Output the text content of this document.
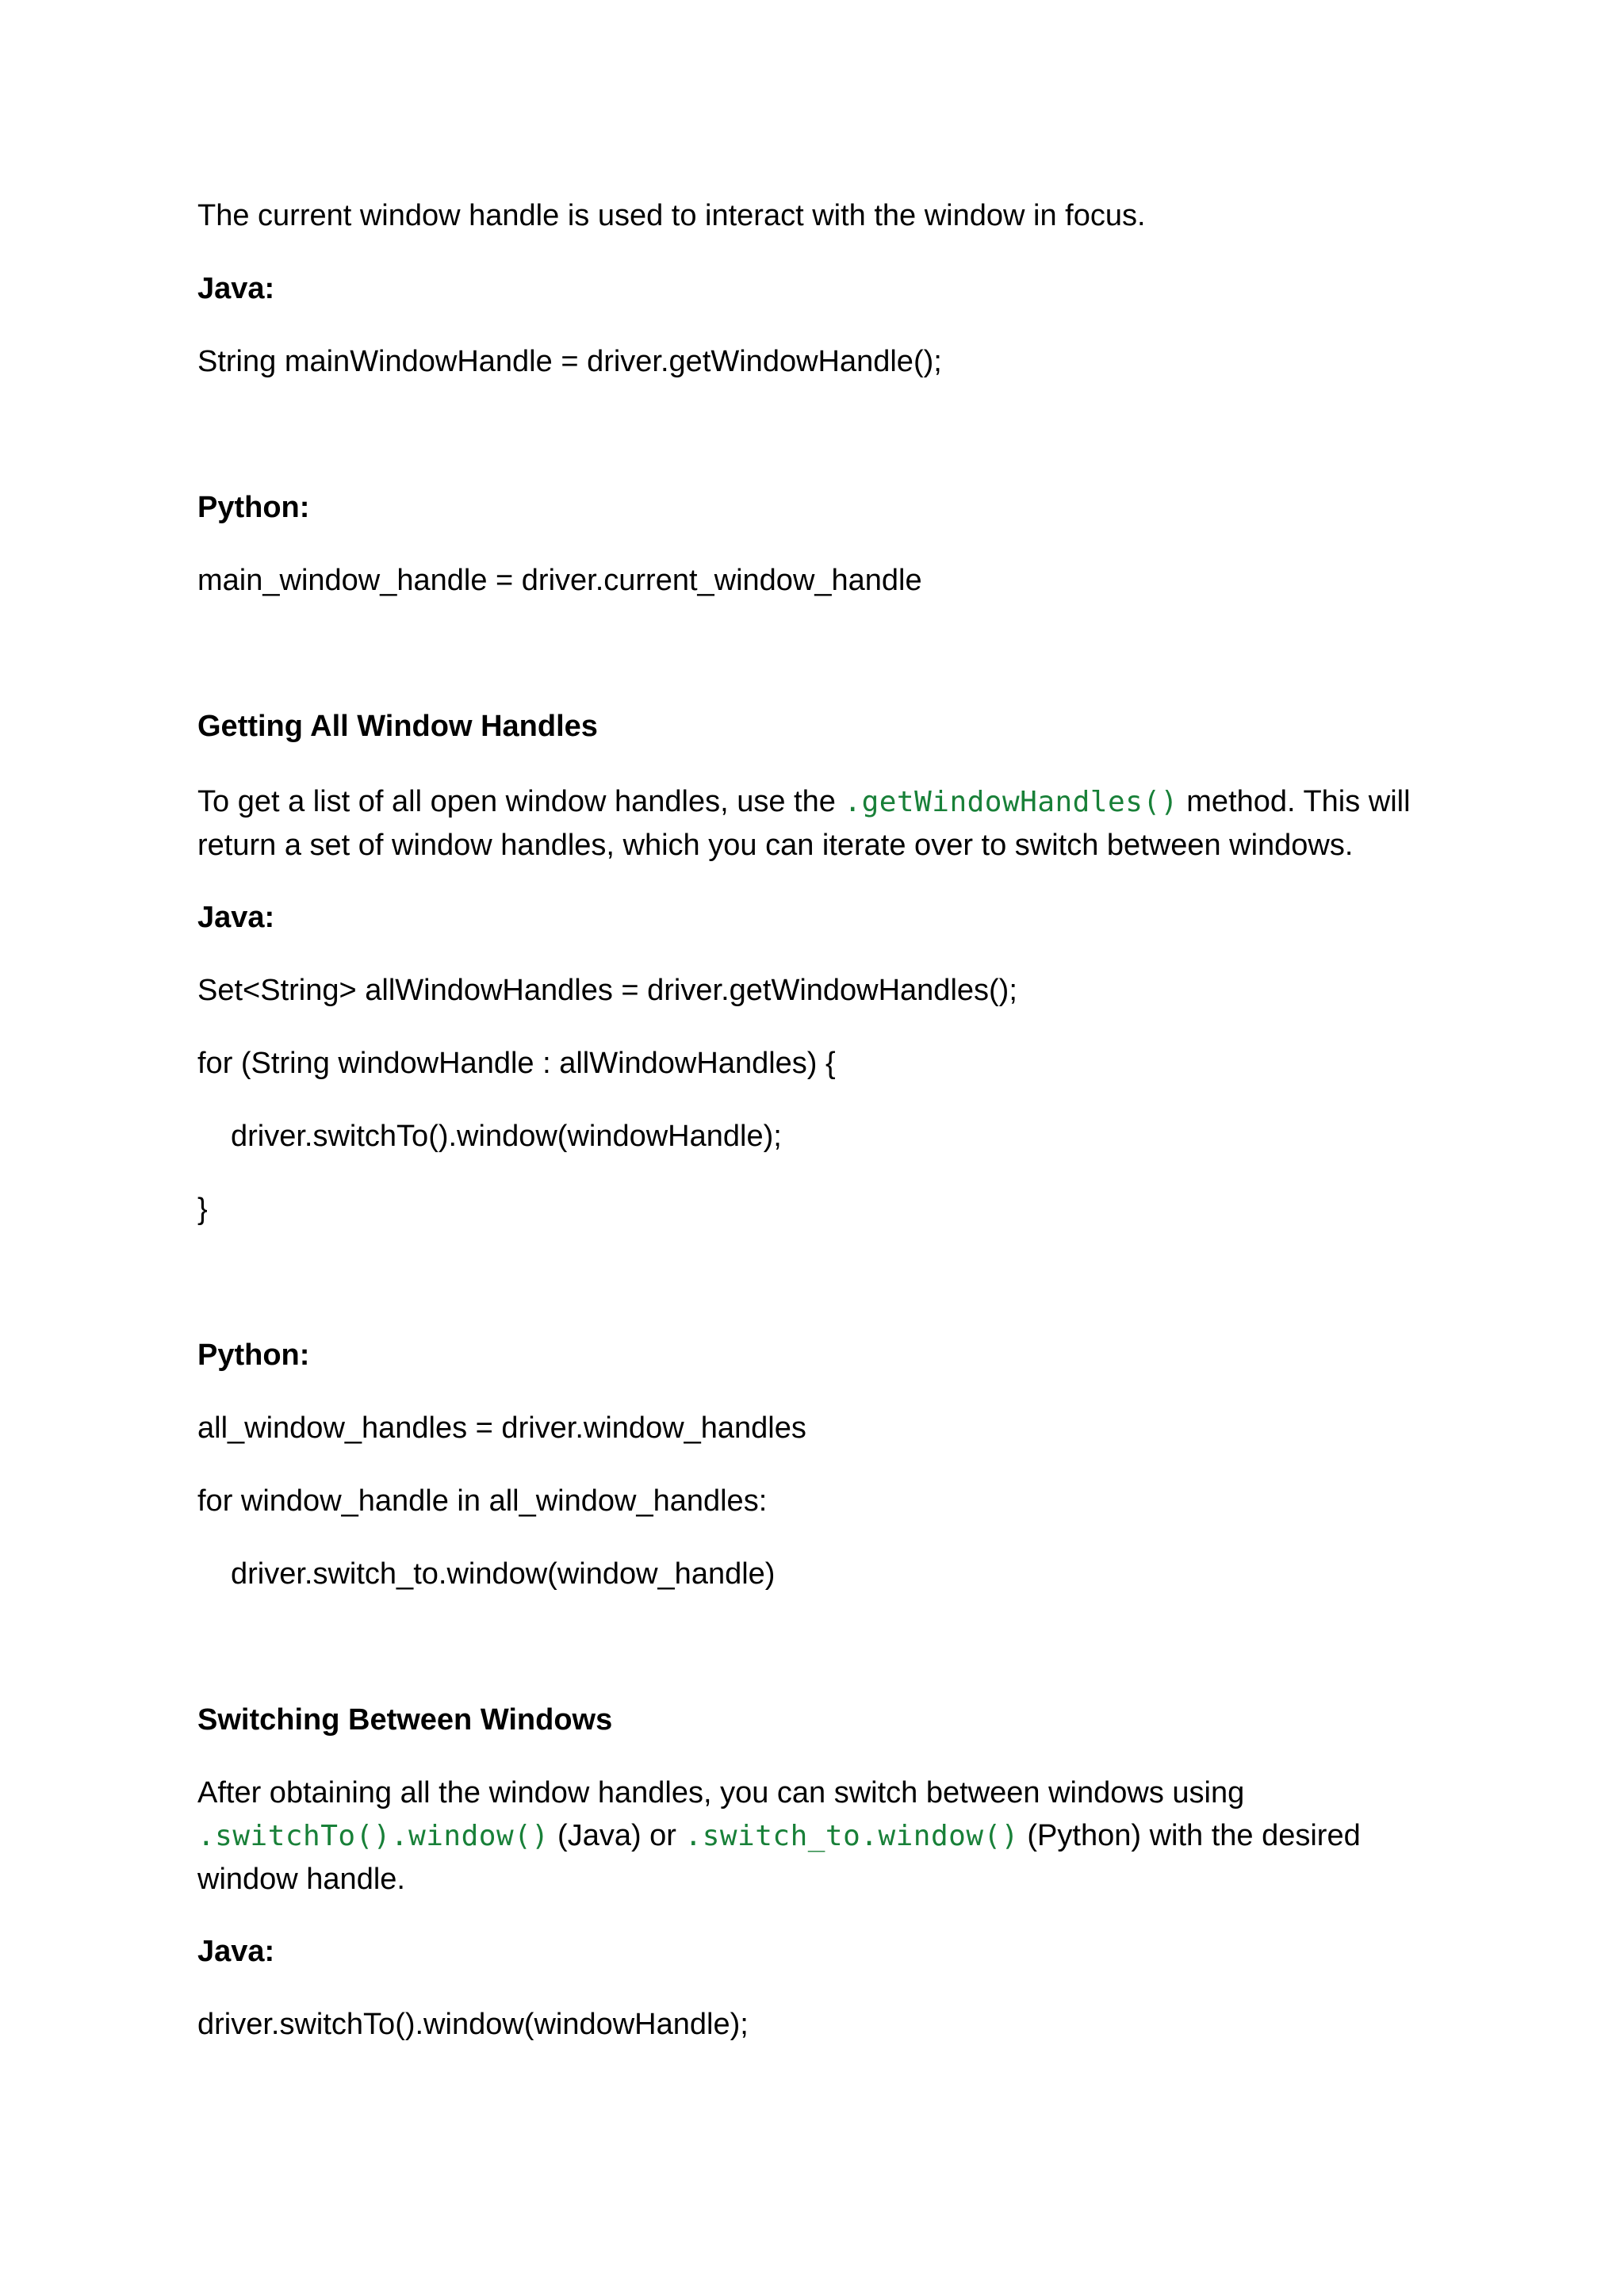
The current window handle is used to interact with the window in focus.
Java:
String mainWindowHandle = driver.getWindowHandle();
Python:
main_window_handle = driver.current_window_handle
Getting All Window Handles
To get a list of all open window handles, use the .getWindowHandles() method. This will
return a set of window handles, which you can iterate over to switch between windows.
Java:
Set<String> allWindowHandles = driver.getWindowHandles();
for (String windowHandle : allWindowHandles) {
driver.switchTo().window(windowHandle);
}
Python:
all_window_handles = driver.window_handles
for window_handle in all_window_handles:
driver.switch_to.window(window_handle)
Switching Between Windows
After obtaining all the window handles, you can switch between windows using
.switchTo().window() (Java) or .switch_to.window() (Python) with the desired
window handle.
Java:
driver.switchTo().window(windowHandle);
